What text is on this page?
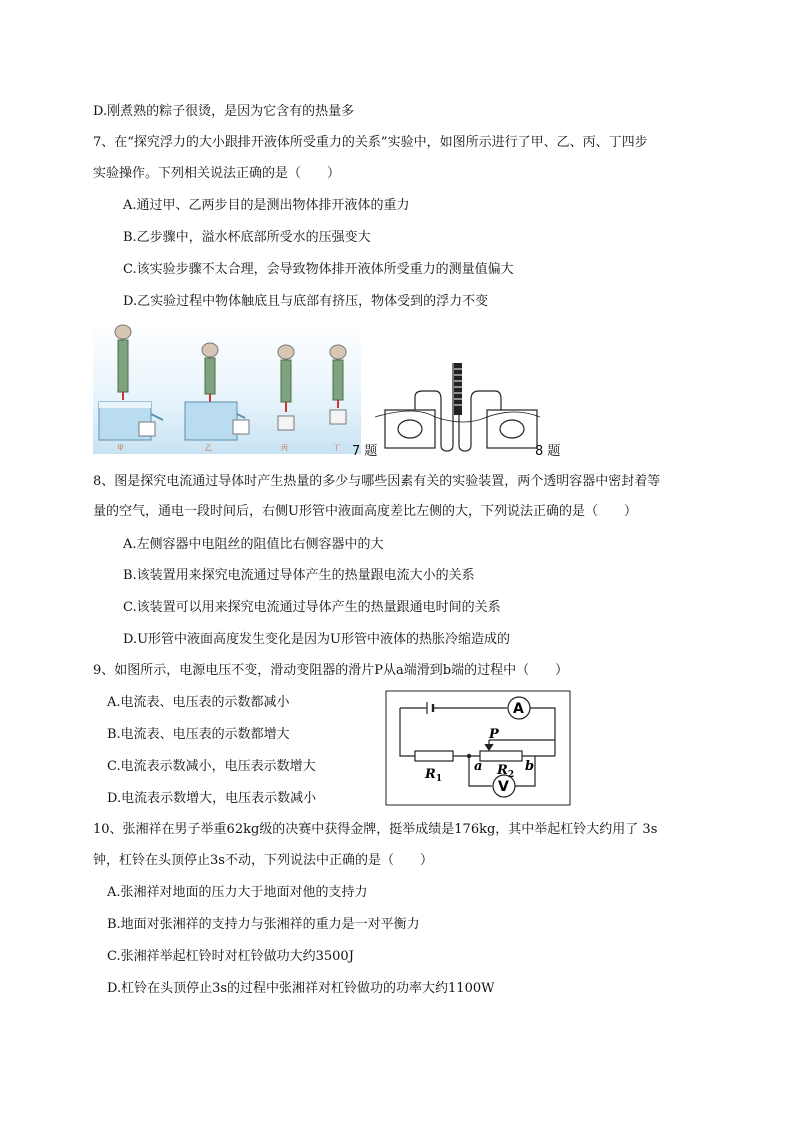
D.刚煮熟的粽子很烫，是因为它含有的热量多
7、在“探究浮力的大小跟排开液体所受重力的关系”实验中，如图所示进行了甲、乙、丙、丁四步
实验操作。下列相关说法正确的是（　　）
A.通过甲、乙两步目的是测出物体排开液体的重力
B.乙步骤中，溢水杯底部所受水的压强变大
C.该实验步骤不太合理，会导致物体排开液体所受重力的测量值偏大
D.乙实验过程中物体触底且与底部有挤压，物体受到的浮力不变
甲	乙	丙	丁 7 题	8 题
8、图是探究电流通过导体时产生热量的多少与哪些因素有关的实验装置，两个透明容器中密封着等
量的空气，通电一段时间后，右侧U形管中液面高度差比左侧的大，下列说法正确的是（　　）
A.左侧容器中电阻丝的阻值比右侧容器中的大
B.该装置用来探究电流通过导体产生的热量跟电流大小的关系
C.该装置可以用来探究电流通过导体产生的热量跟通电时间的关系
D.U形管中液面高度发生变化是因为U形管中液体的热胀冷缩造成的
9、如图所示，电源电压不变，滑动变阻器的滑片P从a端滑到b端的过程中（　　）
A.电流表、电压表的示数都减小
B.电流表、电压表的示数都增大
C.电流表示数减小，电压表示数增大
D.电流表示数增大，电压表示数减小
A
V
$R_1$
$R_2$
P
a	b
10、张湘祥在男子举重62kg级的决赛中获得金牌，挺举成绩是176kg，其中举起杠铃大约用了 3s
钟，杠铃在头顶停止3s不动，下列说法中正确的是（　　）
A.张湘祥对地面的压力大于地面对他的支持力
B.地面对张湘祥的支持力与张湘祥的重力是一对平衡力
C.张湘祥举起杠铃时对杠铃做功大约3500J
D.杠铃在头顶停止3s的过程中张湘祥对杠铃做功的功率大约1100W
